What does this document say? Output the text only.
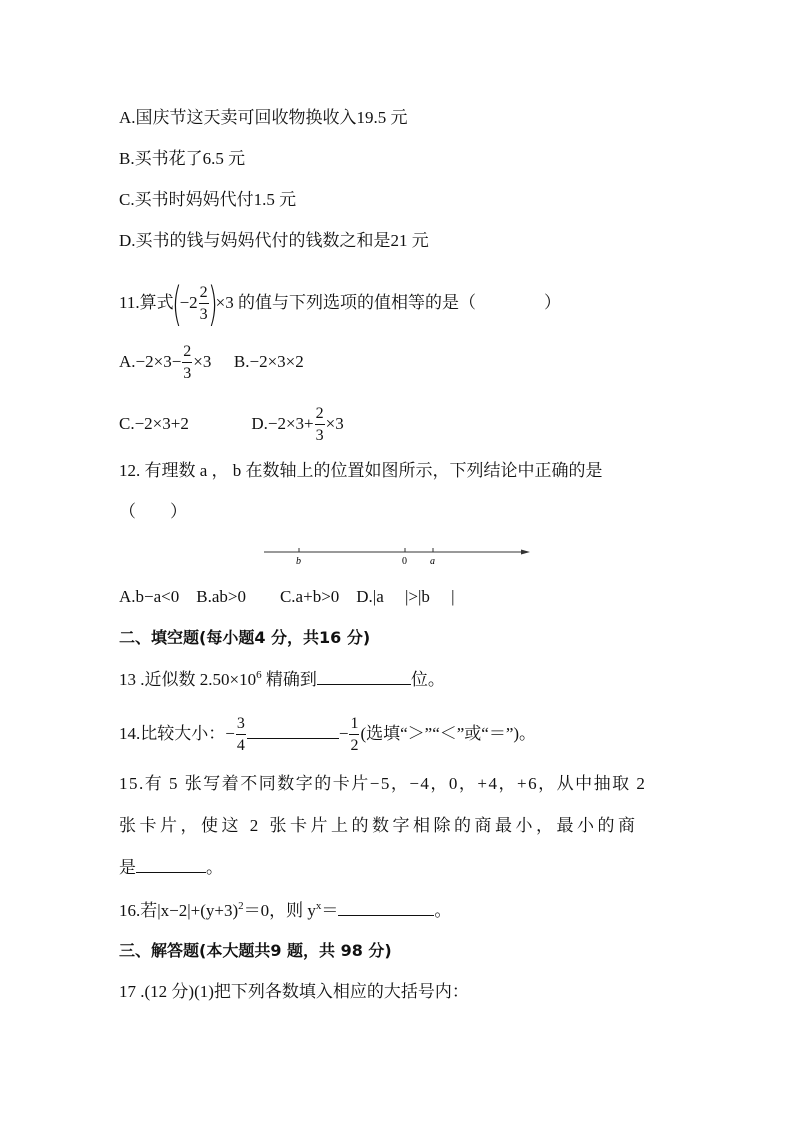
A.国庆节这天卖可回收物换收入19.5 元
B.买书花了6.5 元
C.买书时妈妈代付1.5 元
D.买书的钱与妈妈代付的钱数之和是21 元
11.算式$(-2 \frac{2}{3} )\times 3$ 的值与下列选项的值相等的是（　　　　）
$A.-2\times 3- \frac{2}{3} \times 3$ B.−2×3×2
C.−2×3+2	$D.-2\times 3+ \frac{2}{3} \times 3$
12. 有理数 a ， b 在数轴上的位置如图所示，下列结论中正确的是
（　　）
b	0 a
A.b−a<0　B.ab>0　　C.a+b>0　D.|a　 |>|b　 |
二、填空题(每小题4 分，共16 分)
13 .近似数 $2.50\times 10^6$ 精确到	位。
14.比较大小：− $\frac{3}{4}$	− $\frac{1}{2}$ (选填“＞”“＜”或“＝”)。
15.有 5 张写着不同数字的卡片−5，−4，0，+4，+6，从中抽取 2
张卡片，使这 2 张卡片上的数字相除的商最小，最小的商
是	。
16.若$|x-2|+(y+3)^2=0$，则 $y^x=$	。
三、解答题(本大题共9 题，共 98 分)
17 .(12 分)(1)把下列各数填入相应的大括号内：
